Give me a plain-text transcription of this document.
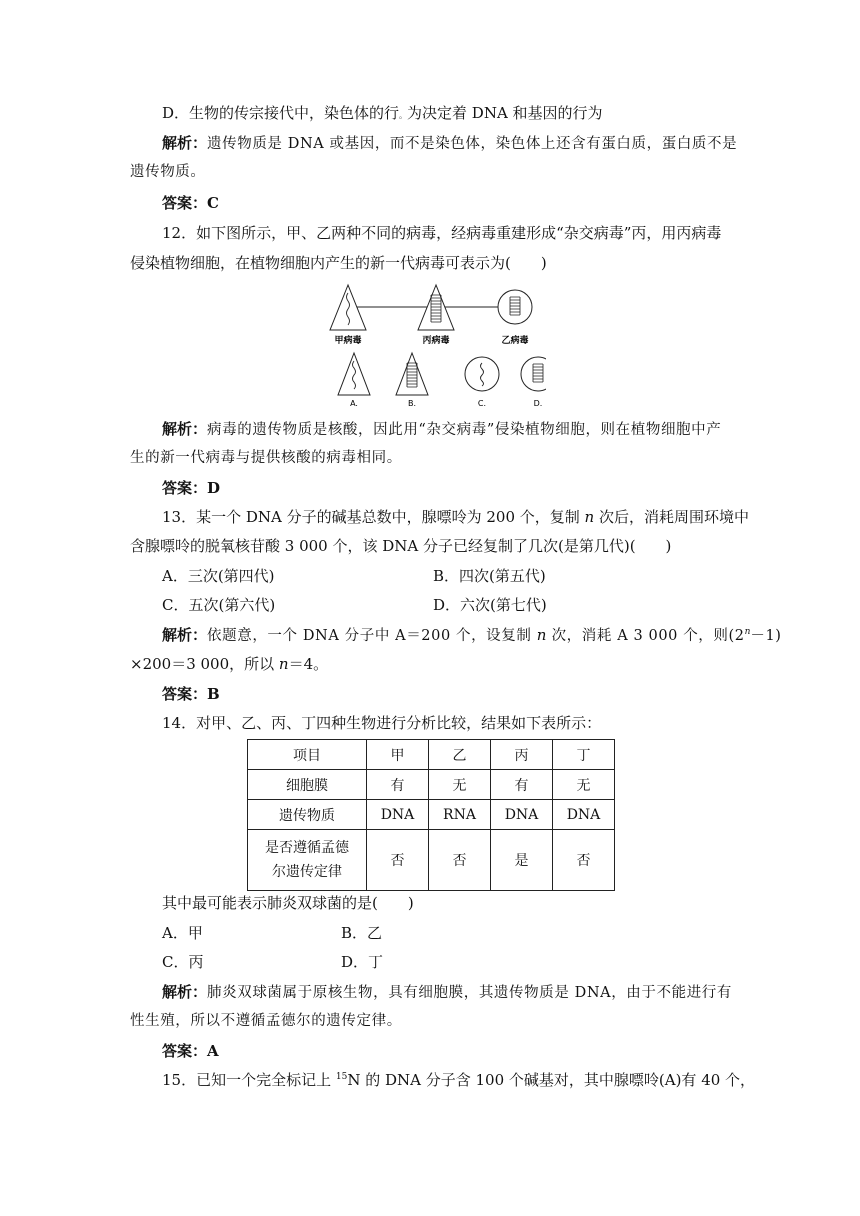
D．生物的传宗接代中，染色体的行。为决定着 DNA 和基因的行为
解析：遗传物质是 DNA 或基因，而不是染色体，染色体上还含有蛋白质，蛋白质不是
遗传物质。
答案：C
12．如下图所示，甲、乙两种不同的病毒，经病毒重建形成“杂交病毒”丙，用丙病毒
侵染植物细胞，在植物细胞内产生的新一代病毒可表示为(　　)
甲病毒	丙病毒	乙病毒
A.	B.	C.	D.
解析：病毒的遗传物质是核酸，因此用“杂交病毒”侵染植物细胞，则在植物细胞中产
生的新一代病毒与提供核酸的病毒相同。
答案：D
13．某一个 DNA 分子的碱基总数中，腺嘌呤为 200 个，复制 n 次后，消耗周围环境中
含腺嘌呤的脱氧核苷酸 3 000 个，该 DNA 分子已经复制了几次(是第几代)(　　)
A．三次(第四代)	B．四次(第五代)
C．五次(第六代)	D．六次(第七代)
解析：依题意，一个 DNA 分子中 A＝200 个，设复制 n 次，消耗 A 3 000 个，则$(2^n-1)$
×200＝3 000，所以 n＝4。
答案：B
14．对甲、乙、丙、丁四种生物进行分析比较，结果如下表所示：
项目	甲	乙	丙	丁
细胞膜	有	无	有	无
遗传物质	DNA	RNA	DNA	DNA
是否遵循孟德
尔遗传定律	否	否	是	否
其中最可能表示肺炎双球菌的是(　　)
A．甲	B．乙
C．丙	D．丁
解析：肺炎双球菌属于原核生物，具有细胞膜，其遗传物质是 DNA，由于不能进行有
性生殖，所以不遵循孟德尔的遗传定律。
答案：A
15．已知一个完全标记上 $^{15}$N 的 DNA 分子含 100 个碱基对，其中腺嘌呤(A)有 40 个，
